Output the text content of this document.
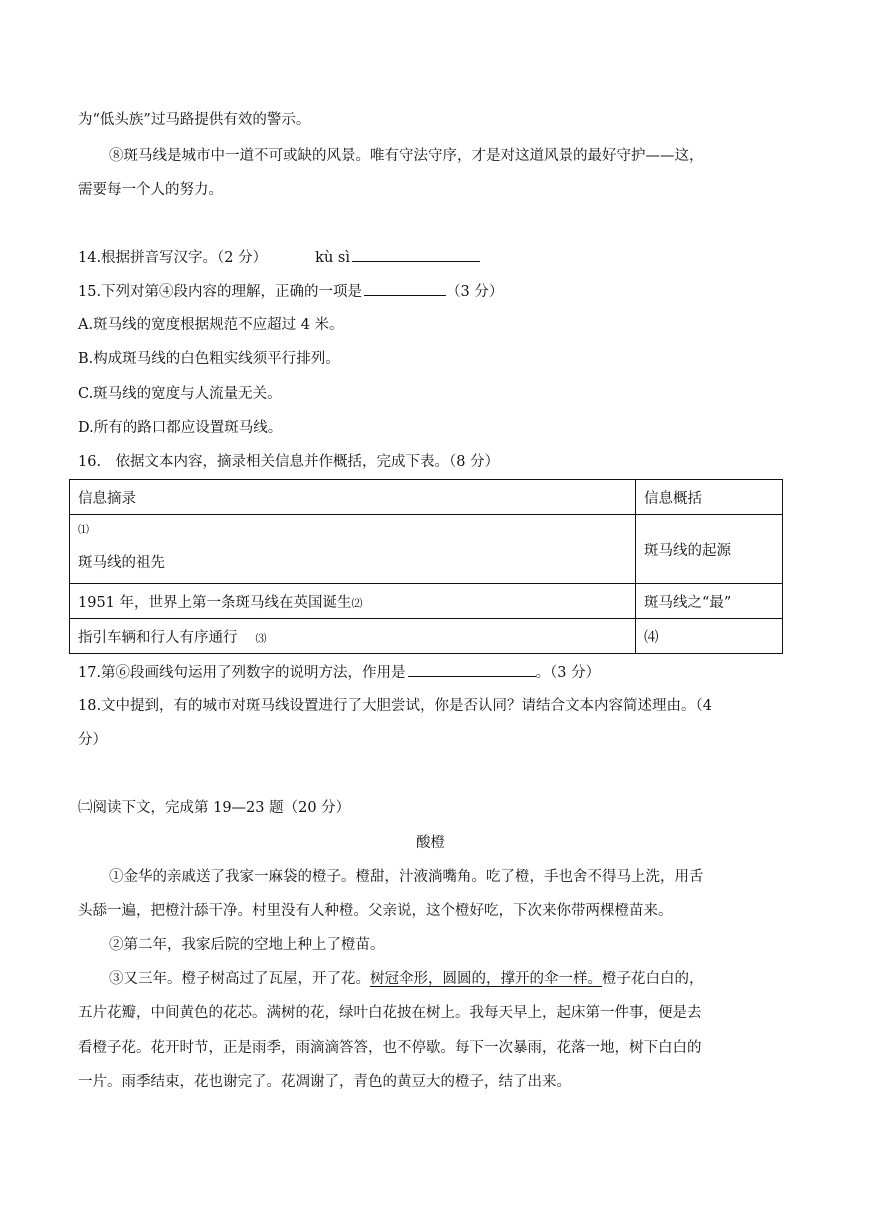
为“低头族”过马路提供有效的警示。
⑧斑马线是城市中一道不可或缺的风景。唯有守法守序，才是对这道风景的最好守护——这，
需要每一个人的努力。
14.根据拼音写汉字。（2 分）	kù sì
15.下列对第④段内容的理解，正确的一项是	（3 分）
A.斑马线的宽度根据规范不应超过 4 米。
B.构成斑马线的白色粗实线须平行排列。
C.斑马线的宽度与人流量无关。
D.所有的路口都应设置斑马线。
16.　依据文本内容，摘录相关信息并作概括，完成下表。（8 分）
信息摘录	信息概括

⑴
斑马线的祖先	斑马线的起源
1951 年，世界上第一条斑马线在英国诞生⑵	斑马线之“最”
指引车辆和行人有序通行 ⑶	⑷
17.第⑥段画线句运用了列数字的说明方法，作用是	。（3 分）
18.文中提到，有的城市对斑马线设置进行了大胆尝试，你是否认同？请结合文本内容简述理由。（4
分）
㈡阅读下文，完成第 19—23 题（20 分）
酸橙
①金华的亲戚送了我家一麻袋的橙子。橙甜，汁液淌嘴角。吃了橙，手也舍不得马上洗，用舌
头舔一遍，把橙汁舔干净。村里没有人种橙。父亲说，这个橙好吃，下次来你带两棵橙苗来。
②第二年，我家后院的空地上种上了橙苗。
③又三年。橙子树高过了瓦屋，开了花。树冠伞形，圆圆的，撑开的伞一样。橙子花白白的，
五片花瓣，中间黄色的花芯。满树的花，绿叶白花披在树上。我每天早上，起床第一件事，便是去
看橙子花。花开时节，正是雨季，雨滴滴答答，也不停歇。每下一次暴雨，花落一地，树下白白的
一片。雨季结束，花也谢完了。花凋谢了，青色的黄豆大的橙子，结了出来。
